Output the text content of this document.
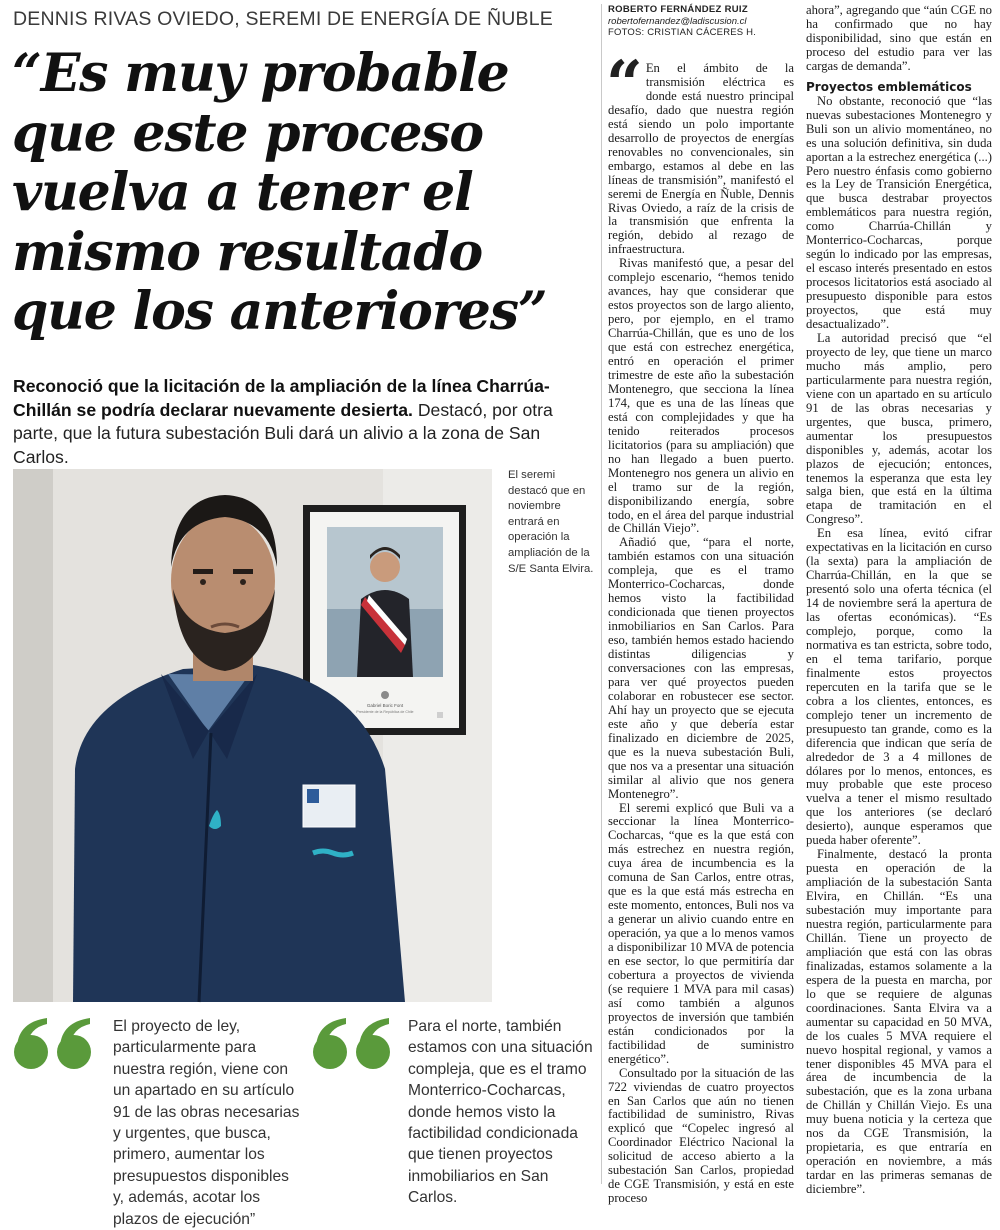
DENNIS RIVAS OVIEDO, SEREMI DE ENERGÍA DE ÑUBLE
“Es muy probable que este proceso vuelva a tener el mismo resultado que los anteriores”

Reconoció que la licitación de la ampliación de la línea Charrúa-Chillán se podría declarar nuevamente desierta. Destacó, por otra parte, que la futura subestación Buli dará un alivio a la zona de San Carlos.

Gabriel Boric Font
Presidente de la República de Chile

El seremi destacó que en noviembre entrará en operación la ampliación de la S/E Santa Elvira.

El proyecto de ley, particularmente para nuestra región, viene con un apartado en su artículo 91 de las obras necesarias y urgentes, que busca, primero, aumentar los presupuestos disponibles y, además, acotar los plazos de ejecución”

Para el norte, también estamos con una situación compleja, que es el tramo Monterrico-Cocharcas, donde hemos visto la factibilidad condicionada que tienen proyectos inmobiliarios en San Carlos.

ROBERTO FERNÁNDEZ RUIZ
robertofernandez@ladiscusion.cl
FOTOS: CRISTIAN CÁCERES H.

“ En el ámbito de la transmisión eléctrica es donde está nuestro principal desafío, dado que nuestra región está siendo un polo importante desarrollo de proyectos de energías renovables no convencionales, sin embargo, estamos al debe en las líneas de transmisión”, manifestó el seremi de Energía en Ñuble, Dennis Rivas Oviedo, a raíz de la crisis de la transmisión que enfrenta la región, debido al rezago de infraestructura.

Rivas manifestó que, a pesar del complejo escenario, “hemos tenido avances, hay que considerar que estos proyectos son de largo aliento, pero, por ejemplo, en el tramo Charrúa-Chillán, que es uno de los que está con estrechez energética, entró en operación el primer trimestre de este año la subestación Montenegro, que secciona la línea 174, que es una de las líneas que está con complejidades y que ha tenido reiterados procesos licitatorios (para su ampliación) que no han llegado a buen puerto. Montenegro nos genera un alivio en el tramo sur de la región, disponibilizando energía, sobre todo, en el área del parque industrial de Chillán Viejo”.

Añadió que, “para el norte, también estamos con una situación compleja, que es el tramo Monterrico-Cocharcas, donde hemos visto la factibilidad condicionada que tienen proyectos inmobiliarios en San Carlos. Para eso, también hemos estado haciendo distintas diligencias y conversaciones con las empresas, para ver qué proyectos pueden colaborar en robustecer ese sector. Ahí hay un proyecto que se ejecuta este año y que debería estar finalizado en diciembre de 2025, que es la nueva subestación Buli, que nos va a presentar una situación similar al alivio que nos genera Montenegro”.

El seremi explicó que Buli va a seccionar la línea Monterrico-Cocharcas, “que es la que está con más estrechez en nuestra región, cuya área de incumbencia es la comuna de San Carlos, entre otras, que es la que está más estrecha en este momento, entonces, Buli nos va a generar un alivio cuando entre en operación, ya que a lo menos vamos a disponibilizar 10 MVA de potencia en ese sector, lo que permitiría dar cobertura a proyectos de vivienda (se requiere 1 MVA para mil casas) así como también a algunos proyectos de inversión que también están condicionados por la factibilidad de suministro energético”.

Consultado por la situación de las 722 viviendas de cuatro proyectos en San Carlos que aún no tienen factibilidad de suministro, Rivas explicó que “Copelec ingresó al Coordinador Eléctrico Nacional la solicitud de acceso abierto a la subestación San Carlos, propiedad de CGE Transmisión, y está en este proceso

ahora”, agregando que “aún CGE no ha confirmado que no hay disponibilidad, sino que están en proceso del estudio para ver las cargas de demanda”.

Proyectos emblemáticos

No obstante, reconoció que “las nuevas subestaciones Montenegro y Buli son un alivio momentáneo, no es una solución definitiva, sin duda aportan a la estrechez energética (...) Pero nuestro énfasis como gobierno es la Ley de Transición Energética, que busca destrabar proyectos emblemáticos para nuestra región, como Charrúa-Chillán y Monterrico-Cocharcas, porque según lo indicado por las empresas, el escaso interés presentado en estos procesos licitatorios está asociado al presupuesto disponible para estos proyectos, que está muy desactualizado”.

La autoridad precisó que “el proyecto de ley, que tiene un marco mucho más amplio, pero particularmente para nuestra región, viene con un apartado en su artículo 91 de las obras necesarias y urgentes, que busca, primero, aumentar los presupuestos disponibles y, además, acotar los plazos de ejecución; entonces, tenemos la esperanza que esta ley salga bien, que está en la última etapa de tramitación en el Congreso”.

En esa línea, evitó cifrar expectativas en la licitación en curso (la sexta) para la ampliación de Charrúa-Chillán, en la que se presentó solo una oferta técnica (el 14 de noviembre será la apertura de las ofertas económicas). “Es complejo, porque, como la normativa es tan estricta, sobre todo, en el tema tarifario, porque finalmente estos proyectos repercuten en la tarifa que se le cobra a los clientes, entonces, es complejo tener un incremento de presupuesto tan grande, como es la diferencia que indican que sería de alrededor de 3 a 4 millones de dólares por lo menos, entonces, es muy probable que este proceso vuelva a tener el mismo resultado que los anteriores (se declaró desierto), aunque esperamos que pueda haber oferente”.

Finalmente, destacó la pronta puesta en operación de la ampliación de la subestación Santa Elvira, en Chillán. “Es una subestación muy importante para nuestra región, particularmente para Chillán. Tiene un proyecto de ampliación que está con las obras finalizadas, estamos solamente a la espera de la puesta en marcha, por lo que se requiere de algunas coordinaciones. Santa Elvira va a aumentar su capacidad en 50 MVA, de los cuales 5 MVA requiere el nuevo hospital regional, y vamos a tener disponibles 45 MVA para el área de incumbencia de la subestación, que es la zona urbana de Chillán y Chillán Viejo. Es una muy buena noticia y la certeza que nos da CGE Transmisión, la propietaria, es que entraría en operación en noviembre, a más tardar en las primeras semanas de diciembre”.
